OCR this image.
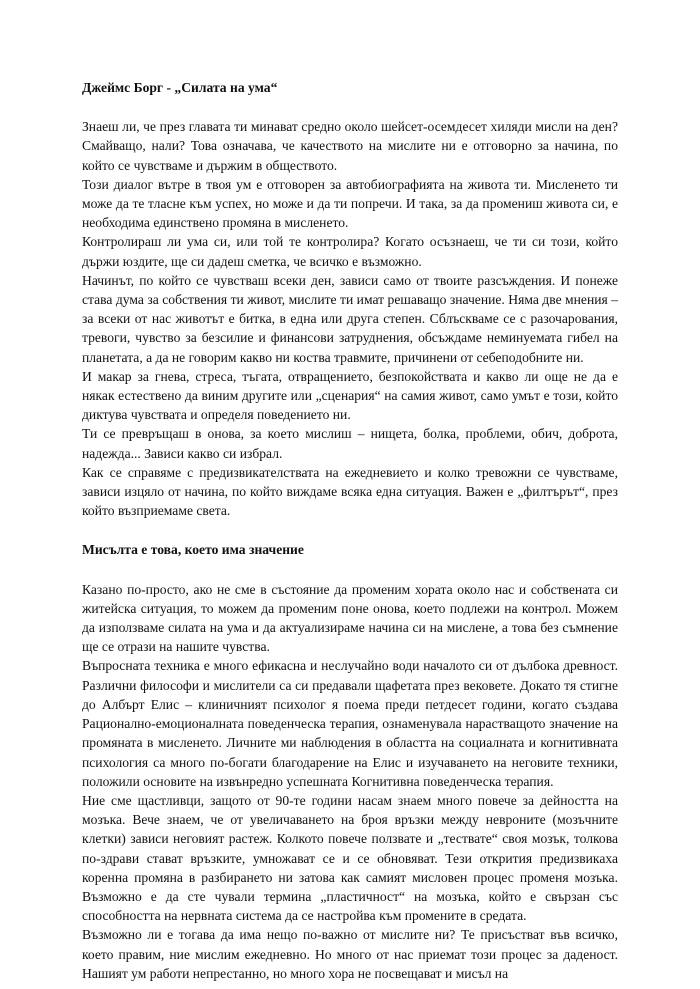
Джеймс Борг - „Силата на ума“

Знаеш ли, че през главата ти минават средно около шейсет-осемдесет хиляди мисли на ден? Смайващо, нали? Това означава, че качеството на мислите ни е отговорно за начина, по който се чувстваме и държим в обществото.

Този диалог вътре в твоя ум е отговорен за автобиографията на живота ти. Мисленето ти може да те тласне към успех, но може и да ти попречи. И така, за да промениш живота си, е необходима единствено промяна в мисленето.

Контролираш ли ума си, или той те контролира? Когато осъзнаеш, че ти си този, който държи юздите, ще си дадеш сметка, че всичко е възможно.

Начинът, по който се чувстваш всеки ден, зависи само от твоите разсъждения. И понеже става дума за собствения ти живот, мислите ти имат решаващо значение. Няма две мнения – за всеки от нас животът е битка, в една или друга степен. Сблъскваме се с разочарования, тревоги, чувство за безсилие и финансови затруднения, обсъждаме неминуемата гибел на планетата, а да не говорим какво ни коства травмите, причинени от себеподобните ни.

И макар за гнева, стреса, тъгата, отвращението, безпокойствата и какво ли още не да е някак естествено да виним другите или „сценария“ на самия живот, само умът е този, който диктува чувствата и определя поведението ни.

Ти се превръщаш в онова, за което мислиш – нищета, болка, проблеми, обич, доброта, надежда... Зависи какво си избрал.

Как се справяме с предизвикателствата на ежедневието и колко тревожни се чувстваме, зависи изцяло от начина, по който виждаме всяка една ситуация. Важен е „филтърът“, през който възприемаме света.

Мисълта е това, което има значение

Казано по-просто, ако не сме в състояние да променим хората около нас и собствената си житейска ситуация, то можем да променим поне онова, което подлежи на контрол. Можем да използваме силата на ума и да актуализираме начина си на мислене, а това без съмнение ще се отрази на нашите чувства.

Въпросната техника е много ефикасна и неслучайно води началото си от дълбока древност. Различни философи и мислители са си предавали щафетата през вековете. Докато тя стигне до Албърт Елис – клиничният психолог я поема преди петдесет години, когато създава Рационално-емоционалната поведенческа терапия, ознаменувала нарастващото значение на промяната в мисленето. Личните ми наблюдения в областта на социалната и когнитивната психология са много по-богати благодарение на Елис и изучаването на неговите техники, положили основите на извънредно успешната Когнитивна поведенческа терапия.

Ние сме щастливци, защото от 90-те години насам знаем много повече за дейността на мозъка. Вече знаем, че от увеличаването на броя връзки между невроните (мозъчните клетки) зависи неговият растеж. Колкото повече ползвате и „тествате“ своя мозък, толкова по-здрави стават връзките, умножават се и се обновяват. Тези открития предизвикаха коренна промяна в разбирането ни затова как самият мисловен процес променя мозъка. Възможно е да сте чували термина „пластичност“ на мозъка, който е свързан със способността на нервната система да се настройва към промените в средата.

Възможно ли е тогава да има нещо по-важно от мислите ни? Те присъстват във всичко, което правим, ние мислим ежедневно. Но много от нас приемат този процес за даденост. Нашият ум работи непрестанно, но много хора не посвещават и мисъл на
